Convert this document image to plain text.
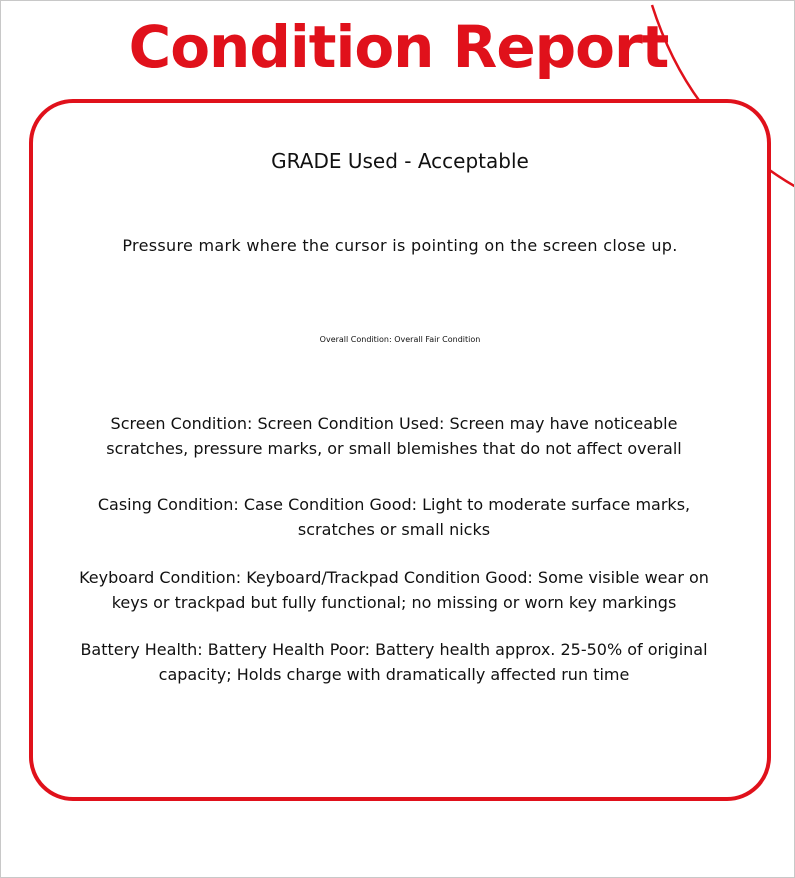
Condition Report

GRADE Used - Acceptable

Pressure mark where the cursor is pointing on the screen close up.

Overall Condition: Overall Fair Condition

Screen Condition: Screen Condition Used: Screen may have noticeable scratches, pressure marks, or small blemishes that do not affect overall

Casing Condition: Case Condition Good: Light to moderate surface marks, scratches or small nicks

Keyboard Condition: Keyboard/Trackpad Condition Good: Some visible wear on keys or trackpad but fully functional; no missing or worn key markings

Battery Health: Battery Health Poor: Battery health approx. 25-50% of original capacity; Holds charge with dramatically affected run time
